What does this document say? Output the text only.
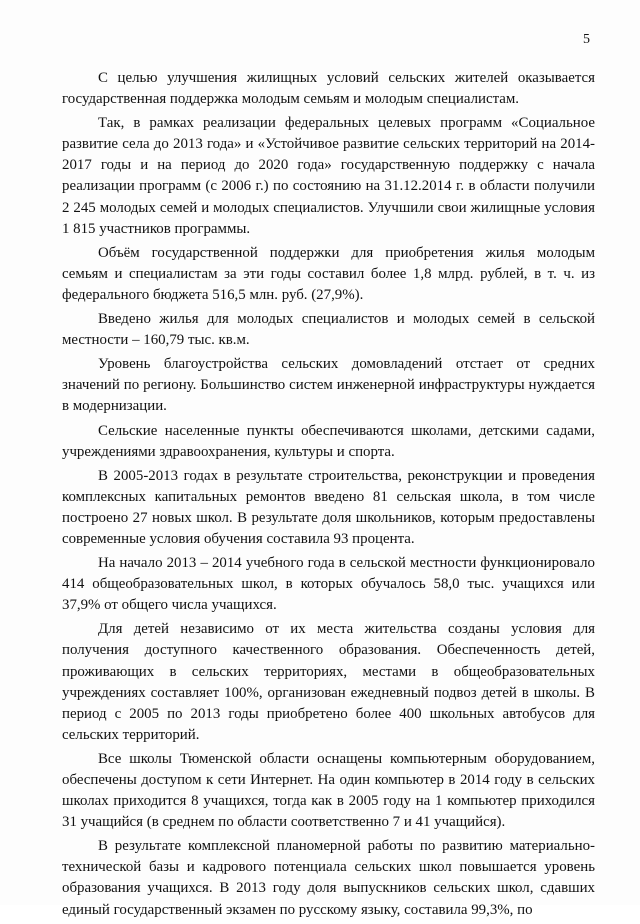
5

С целью улучшения жилищных условий сельских жителей оказывается государственная поддержка молодым семьям и молодым специалистам.

Так, в рамках реализации федеральных целевых программ «Социальное развитие села до 2013 года» и «Устойчивое развитие сельских территорий на 2014-2017 годы и на период до 2020 года» государственную поддержку с начала реализации программ (с 2006 г.) по состоянию на 31.12.2014 г. в области получили 2 245 молодых семей и молодых специалистов. Улучшили свои жилищные условия 1 815 участников программы.

Объём государственной поддержки для приобретения жилья молодым семьям и специалистам за эти годы составил более 1,8 млрд. рублей, в т. ч. из федерального бюджета 516,5 млн. руб. (27,9%).

Введено жилья для молодых специалистов и молодых семей в сельской местности – 160,79 тыс. кв.м.

Уровень благоустройства сельских домовладений отстает от средних значений по региону. Большинство систем инженерной инфраструктуры нуждается в модернизации.

Сельские населенные пункты обеспечиваются школами, детскими садами, учреждениями здравоохранения, культуры и спорта.

В 2005-2013 годах в результате строительства, реконструкции и проведения комплексных капитальных ремонтов введено 81 сельская школа, в том числе построено 27 новых школ. В результате доля школьников, которым предоставлены современные условия обучения составила 93 процента.

На начало 2013 – 2014 учебного года в сельской местности функционировало 414 общеобразовательных школ, в которых обучалось 58,0 тыс. учащихся или 37,9% от общего числа учащихся.

Для детей независимо от их места жительства созданы условия для получения доступного качественного образования. Обеспеченность детей, проживающих в сельских территориях, местами в общеобразовательных учреждениях составляет 100%, организован ежедневный подвоз детей в школы. В период с 2005 по 2013 годы приобретено более 400 школьных автобусов для сельских территорий.

Все школы Тюменской области оснащены компьютерным оборудованием, обеспечены доступом к сети Интернет. На один компьютер в 2014 году в сельских школах приходится 8 учащихся, тогда как в 2005 году на 1 компьютер приходился 31 учащийся (в среднем по области соответственно 7 и 41 учащийся).

В результате комплексной планомерной работы по развитию материально-технической базы и кадрового потенциала сельских школ повышается уровень образования учащихся. В 2013 году доля выпускников сельских школ, сдавших единый государственный экзамен по русскому языку, составила 99,3%, по
